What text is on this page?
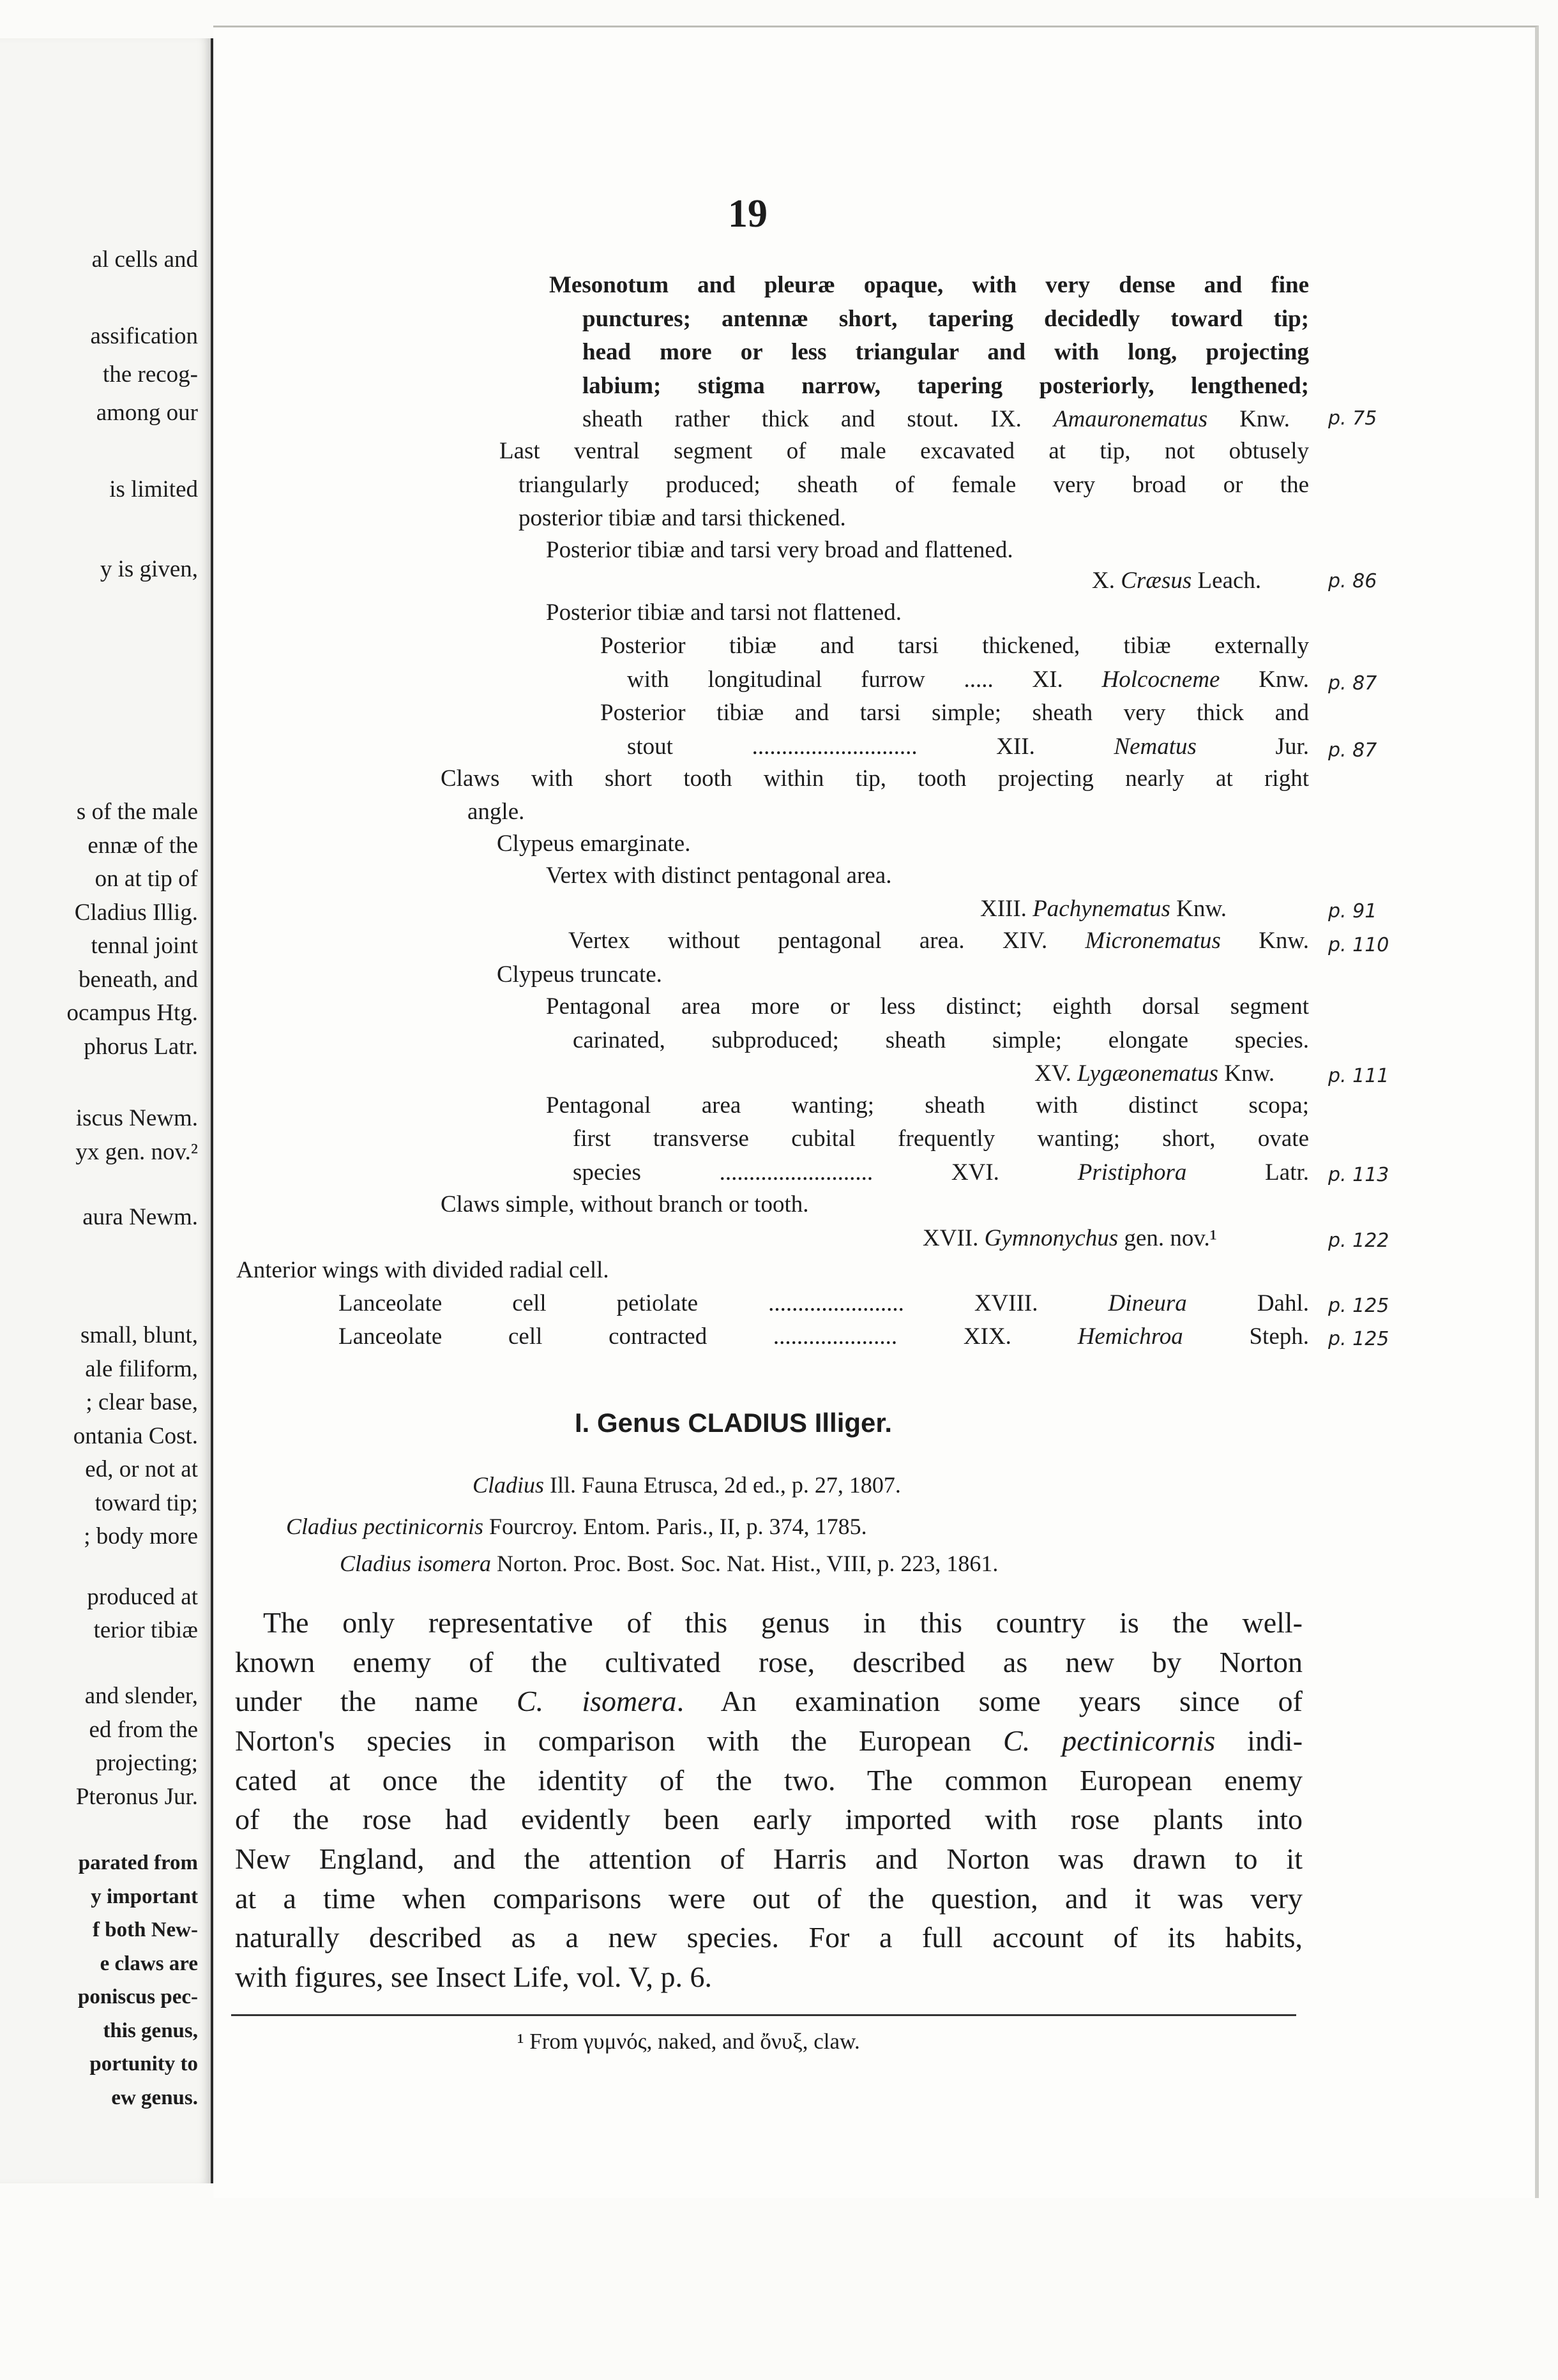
al cells and
assification
the recog-
among our
is limited
y is given,
s of the male
ennæ of the
on at tip of
Cladius Illig.
tennal joint
beneath, and
ocampus Htg.
phorus Latr.
iscus Newm.
yx gen. nov.²
aura Newm.
small, blunt,
ale filiform,
; clear base,
ontania Cost.
ed, or not at
toward tip;
; body more
produced at
terior tibiæ
and slender,
ed from the
projecting;
Pteronus Jur.
parated from
y important
f both New-
e claws are
poniscus pec-
this genus,
portunity to
ew genus.
19
Mesonotum and pleuræ opaque, with very dense and fine
punctures; antennæ short, tapering decidedly toward tip;
head more or less triangular and with long, projecting
labium; stigma narrow, tapering posteriorly, lengthened;
sheath rather thick and stout. IX. Amauronematus Knw.
Last ventral segment of male excavated at tip, not obtusely
triangularly produced; sheath of female very broad or the
posterior tibiæ and tarsi thickened.
Posterior tibiæ and tarsi very broad and flattened.
X. Cræsus Leach.
Posterior tibiæ and tarsi not flattened.
Posterior tibiæ and tarsi thickened, tibiæ externally
with longitudinal furrow ..... XI. Holcocneme Knw.
Posterior tibiæ and tarsi simple; sheath very thick and
stout ............................ XII. Nematus Jur.
Claws with short tooth within tip, tooth projecting nearly at right
angle.
Clypeus emarginate.
Vertex with distinct pentagonal area.
XIII. Pachynematus Knw.
Vertex without pentagonal area. XIV. Micronematus Knw.
Clypeus truncate.
Pentagonal area more or less distinct; eighth dorsal segment
carinated, subproduced; sheath simple; elongate species.
XV. Lygæonematus Knw.
Pentagonal area wanting; sheath with distinct scopa;
first transverse cubital frequently wanting; short, ovate
species .......................... XVI. Pristiphora Latr.
Claws simple, without branch or tooth.
XVII. Gymnonychus gen. nov.¹
Anterior wings with divided radial cell.
Lanceolate cell petiolate ....................... XVIII. Dineura Dahl.
Lanceolate cell contracted ..................... XIX. Hemichroa Steph.
p. 75
p. 86
p. 87
p. 87
p. 91
p. 110
p. 111
p. 113
p. 122
p. 125
p. 125
I. Genus CLADIUS Illiger.
Cladius Ill. Fauna Etrusca, 2d ed., p. 27, 1807.
Cladius pectinicornis Fourcroy. Entom. Paris., II, p. 374, 1785.
Cladius isomera Norton. Proc. Bost. Soc. Nat. Hist., VIII, p. 223, 1861.
The only representative of this genus in this country is the well-
known enemy of the cultivated rose, described as new by Norton
under the name C. isomera. An examination some years since of
Norton's species in comparison with the European C. pectinicornis indi-
cated at once the identity of the two. The common European enemy
of the rose had evidently been early imported with rose plants into
New England, and the attention of Harris and Norton was drawn to it
at a time when comparisons were out of the question, and it was very
naturally described as a new species. For a full account of its habits,
with figures, see Insect Life, vol. V, p. 6.
¹ From γυμνός, naked, and ὄνυξ, claw.
